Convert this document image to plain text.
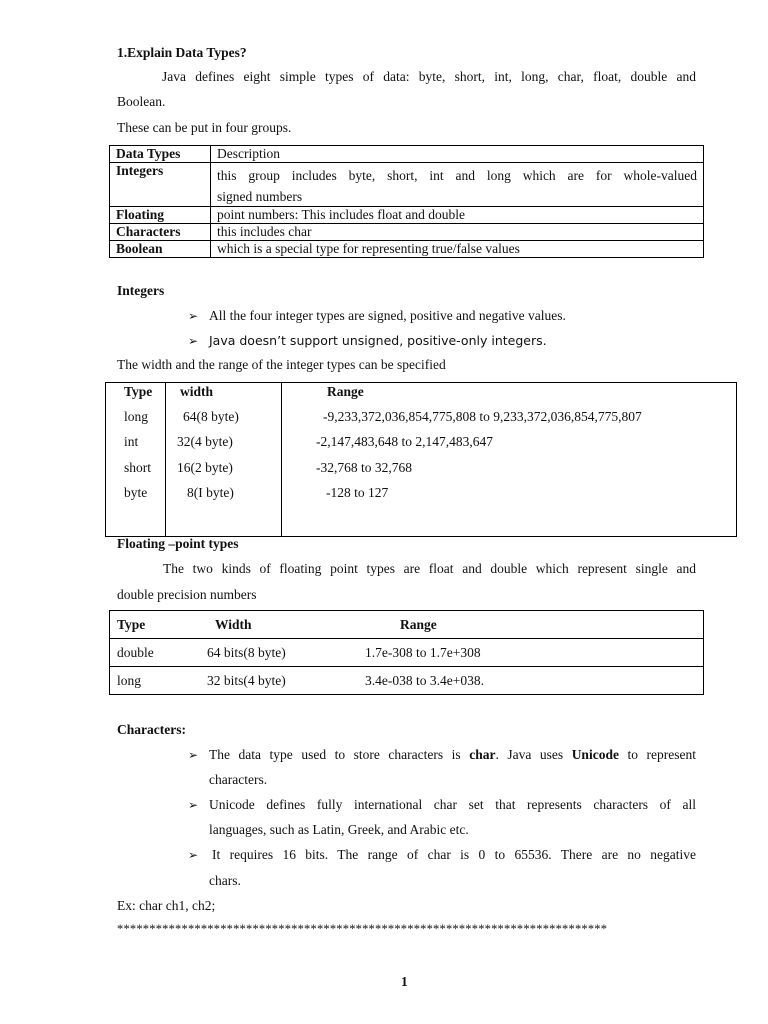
1.Explain Data Types?
Java defines eight simple types of data: byte, short, int, long, char, float, double and
Boolean.
These can be put in four groups.
Data Types	Description
Integers	this group includes byte, short, int and long which are for whole-valued
signed numbers

Floating	point numbers: This includes float and double
Characters	this includes char
Boolean	which is a special type for representing true/false values
Integers
➢ All the four integer types are signed, positive and negative values.
➢ Java doesn’t support unsigned, positive-only integers.
The width and the range of the integer types can be specified
Type width	Range
long	64(8 byte)	-9,233,372,036,854,775,808 to 9,233,372,036,854,775,807
int	32(4 byte)	-2,147,483,648 to 2,147,483,647
short 16(2 byte)	-32,768 to 32,768
byte	8(I byte)	-128 to 127
Floating –point types
The two kinds of floating point types are float and double which represent single and
double precision numbers
Type	Width	Range
double	64 bits(8 byte)	1.7e-308 to 1.7e+308
long	32 bits(4 byte)	3.4e-038 to 3.4e+038.
Characters:
➢ The data type used to store characters is char. Java uses Unicode to represent
characters.
➢ Unicode defines fully international char set that represents characters of all
languages, such as Latin, Greek, and Arabic etc.
➢ It requires 16 bits. The range of char is 0 to 65536. There are no negative
chars.
Ex: char ch1, ch2;
****************************************************************************
1
